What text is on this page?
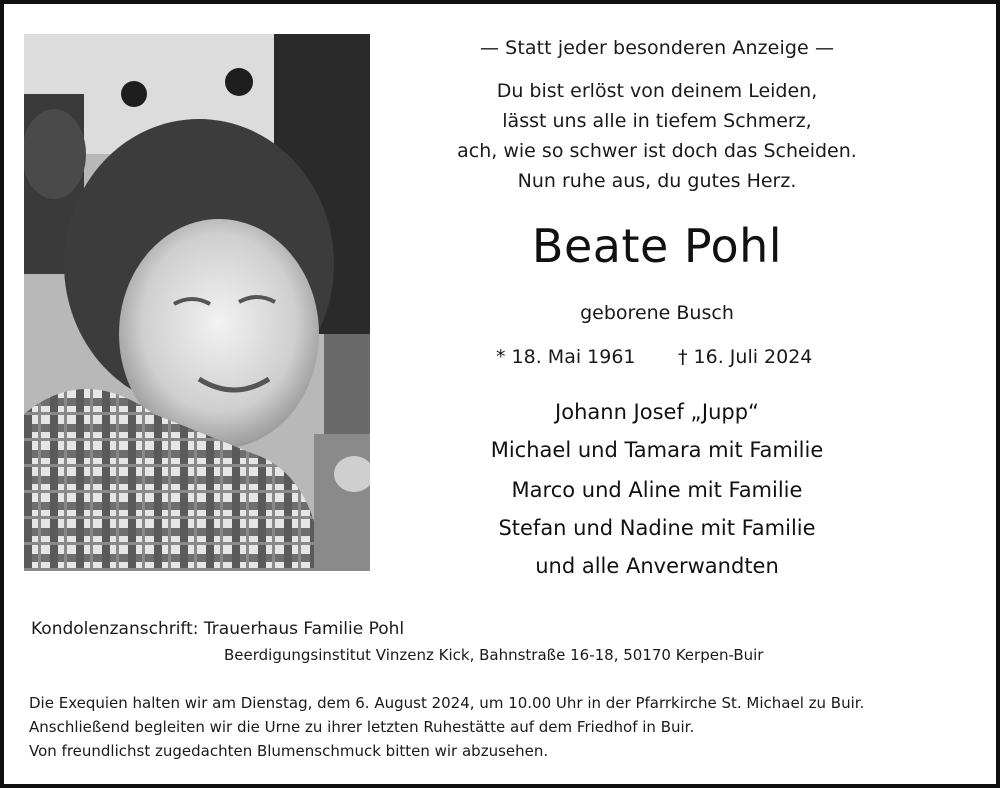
— Statt jeder besonderen Anzeige —
Du bist erlöst von deinem Leiden,
lässt uns alle in tiefem Schmerz,
ach, wie so schwer ist doch das Scheiden.
Nun ruhe aus, du gutes Herz.
Beate Pohl
geborene Busch
* 18. Mai 1961 † 16. Juli 2024
Johann Josef „Jupp“
Michael und Tamara mit Familie
Marco und Aline mit Familie
Stefan und Nadine mit Familie
und alle Anverwandten
Kondolenzanschrift: Trauerhaus Familie Pohl
Beerdigungsinstitut Vinzenz Kick, Bahnstraße 16-18, 50170 Kerpen-Buir
Die Exequien halten wir am Dienstag, dem 6. August 2024, um 10.00 Uhr in der Pfarrkirche St. Michael zu Buir.
Anschließend begleiten wir die Urne zu ihrer letzten Ruhestätte auf dem Friedhof in Buir.
Von freundlichst zugedachten Blumenschmuck bitten wir abzusehen.
